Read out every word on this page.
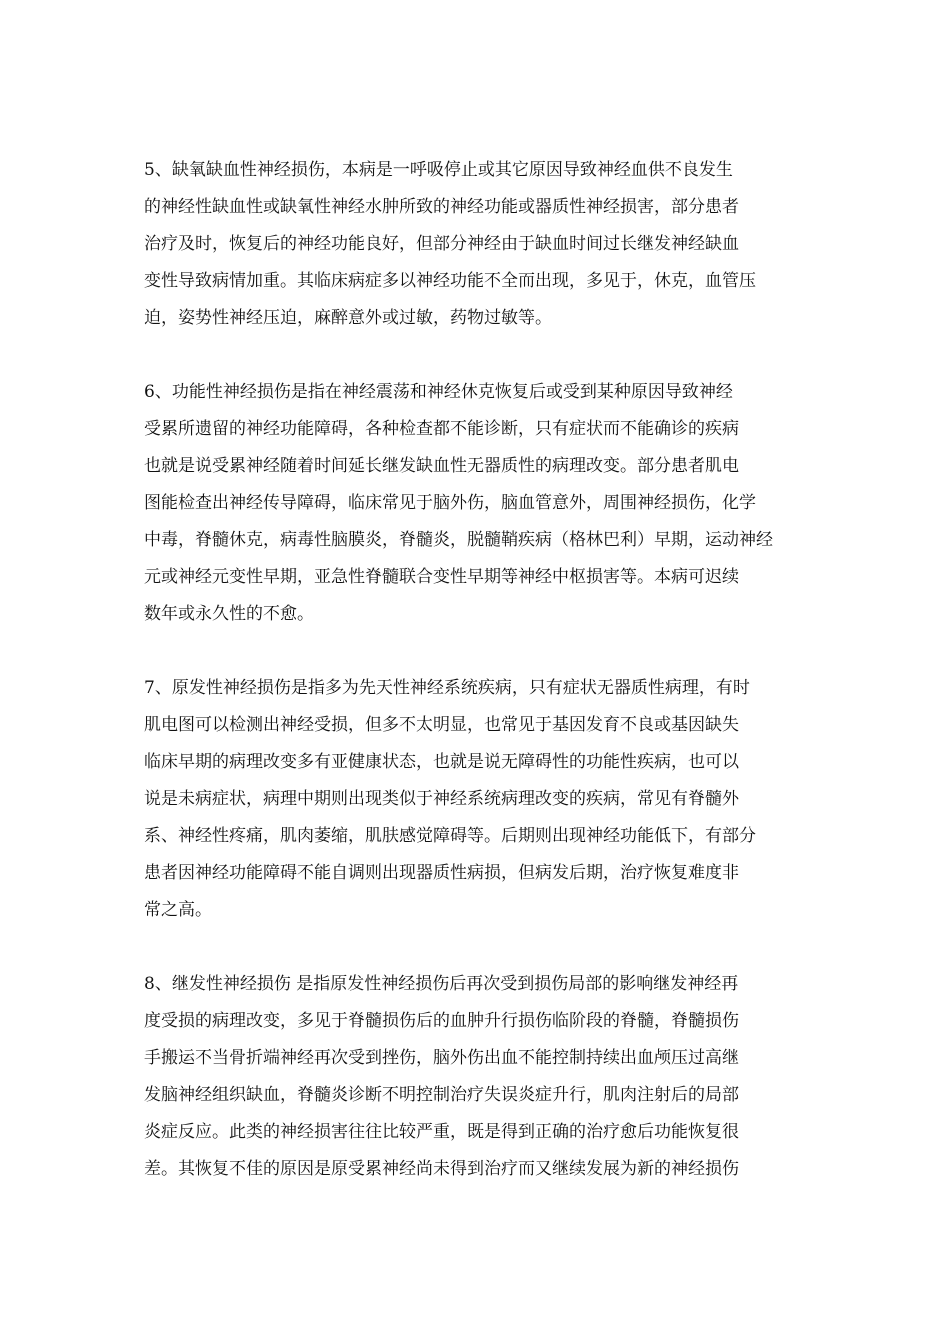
5、缺氧缺血性神经损伤，本病是一呼吸停止或其它原因导致神经血供不良发生
的神经性缺血性或缺氧性神经水肿所致的神经功能或器质性神经损害，部分患者
治疗及时，恢复后的神经功能良好，但部分神经由于缺血时间过长继发神经缺血
变性导致病情加重。其临床病症多以神经功能不全而出现，多见于，休克，血管压
迫，姿势性神经压迫，麻醉意外或过敏，药物过敏等。

6、功能性神经损伤是指在神经震荡和神经休克恢复后或受到某种原因导致神经
受累所遗留的神经功能障碍，各种检查都不能诊断，只有症状而不能确诊的疾病
也就是说受累神经随着时间延长继发缺血性无器质性的病理改变。部分患者肌电
图能检查出神经传导障碍，临床常见于脑外伤，脑血管意外，周围神经损伤，化学
中毒，脊髓休克，病毒性脑膜炎，脊髓炎，脱髓鞘疾病（格林巴利）早期，运动神经
元或神经元变性早期，亚急性脊髓联合变性早期等神经中枢损害等。本病可迟续
数年或永久性的不愈。

7、原发性神经损伤是指多为先天性神经系统疾病，只有症状无器质性病理，有时
肌电图可以检测出神经受损，但多不太明显，也常见于基因发育不良或基因缺失
临床早期的病理改变多有亚健康状态，也就是说无障碍性的功能性疾病，也可以
说是未病症状，病理中期则出现类似于神经系统病理改变的疾病，常见有脊髓外
系、神经性疼痛，肌肉萎缩，肌肤感觉障碍等。后期则出现神经功能低下，有部分
患者因神经功能障碍不能自调则出现器质性病损，但病发后期，治疗恢复难度非
常之高。

8、继发性神经损伤 是指原发性神经损伤后再次受到损伤局部的影响继发神经再
度受损的病理改变，多见于脊髓损伤后的血肿升行损伤临阶段的脊髓，脊髓损伤
手搬运不当骨折端神经再次受到挫伤，脑外伤出血不能控制持续出血颅压过高继
发脑神经组织缺血，脊髓炎诊断不明控制治疗失误炎症升行，肌肉注射后的局部
炎症反应。此类的神经损害往往比较严重，既是得到正确的治疗愈后功能恢复很
差。其恢复不佳的原因是原受累神经尚未得到治疗而又继续发展为新的神经损伤
